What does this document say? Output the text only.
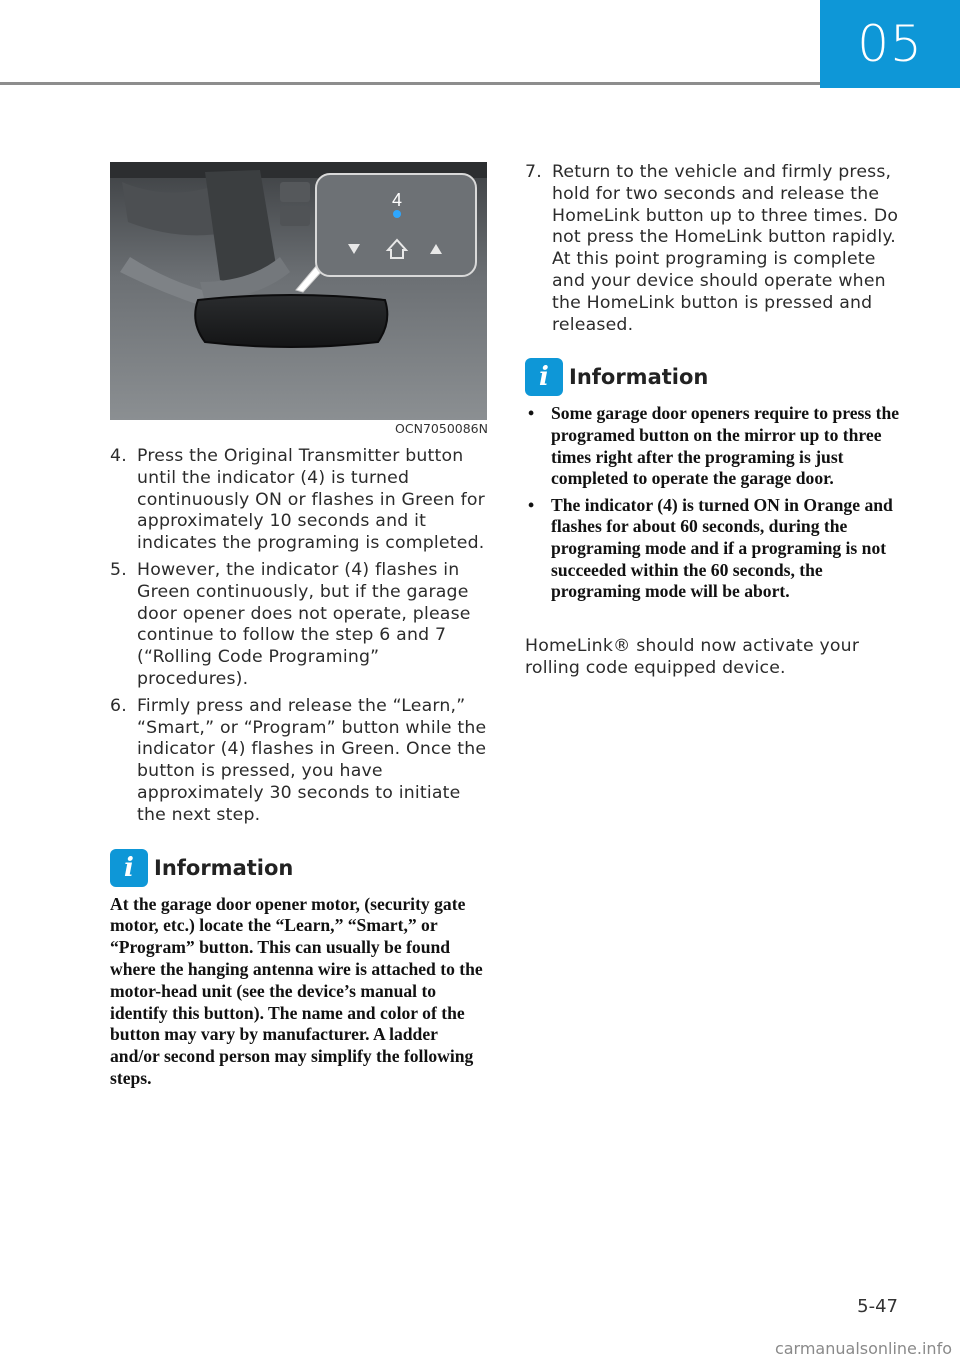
05
4
OCN7050086N
4. Press the Original Transmitter button until the indicator (4) is turned continuously ON or flashes in Green for approximately 10 seconds and it indicates the programing is completed.
5. However, the indicator (4) flashes in Green continuously, but if the garage door opener does not operate, please continue to follow the step 6 and 7 (“Rolling Code Programing” procedures).
6. Firmly press and release the “Learn,” “Smart,” or “Program” button while the indicator (4) flashes in Green. Once the button is pressed, you have approximately 30 seconds to initiate the next step.
i Information
At the garage door opener motor, (security gate motor, etc.) locate the “Learn,” “Smart,” or “Program” button. This can usually be found where the hanging antenna wire is attached to the motor-head unit (see the device’s manual to identify this button). The name and color of the button may vary by manufacturer. A ladder and/or second person may simplify the following steps.
7. Return to the vehicle and firmly press, hold for two seconds and release the HomeLink button up to three times. Do not press the HomeLink button rapidly. At this point programing is complete and your device should operate when the HomeLink button is pressed and released.
i Information
• Some garage door openers require to press the programed button on the mirror up to three times right after the programing is just completed to operate the garage door.
• The indicator (4) is turned ON in Orange and flashes for about 60 seconds, during the programing mode and if a programing is not succeeded within the 60 seconds, the programing mode will be abort.
HomeLink® should now activate your rolling code equipped device.
5-47
carmanualsonline.info
